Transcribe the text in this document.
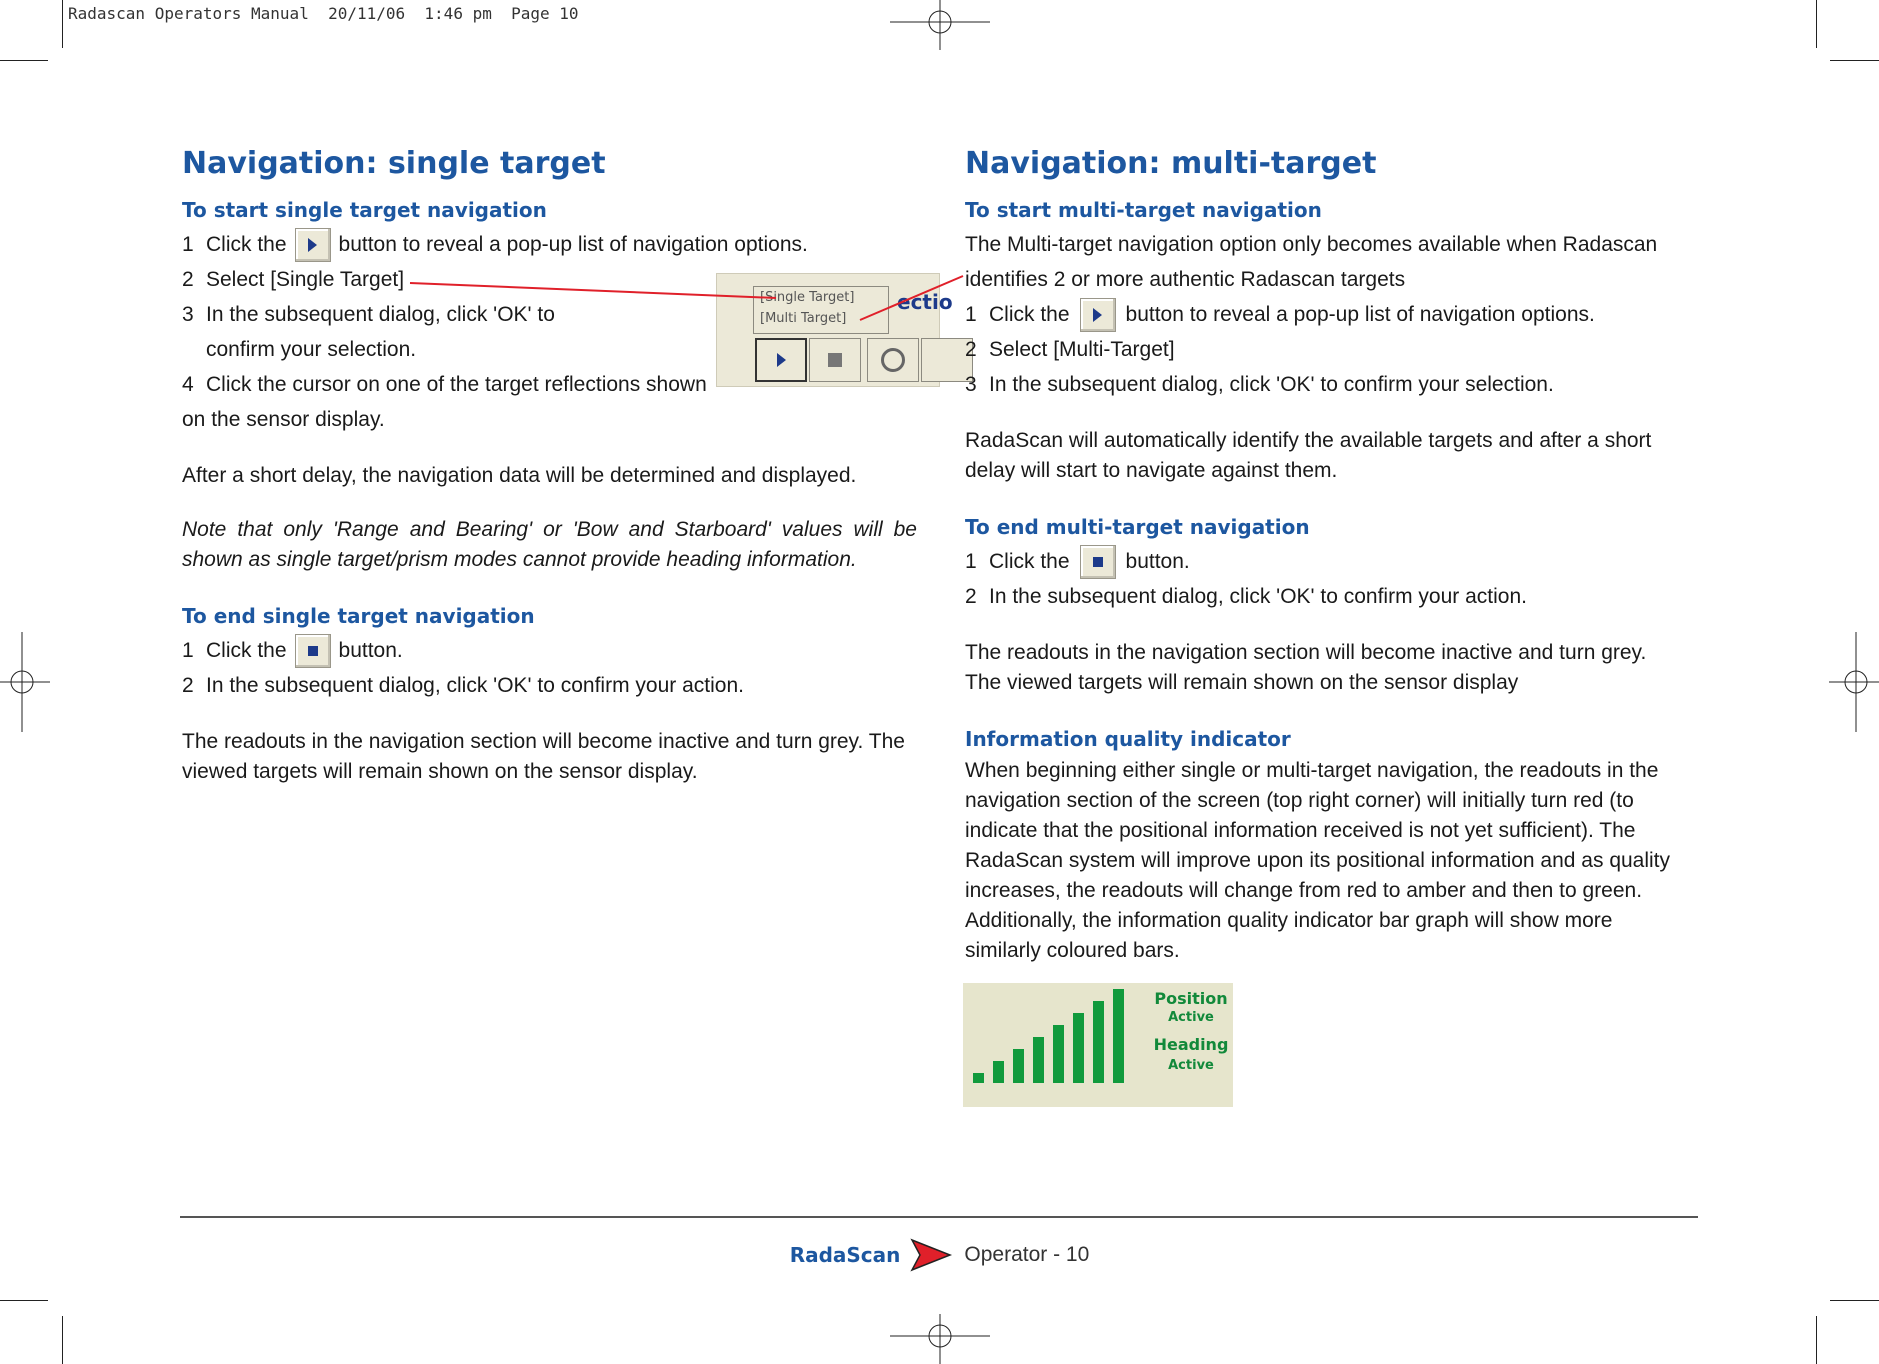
Radascan Operators Manual  20/11/06  1:46 pm  Page 10
Navigation: single target
To start single target navigation
1 Click the button to reveal a pop-up list of navigation options.
2 Select [Single Target]
3 In the subsequent dialog, click 'OK' to

confirm your selection.

4 Click the cursor on one of the target reflections shown

on the sensor display.

After a short delay, the navigation data will be determined and displayed.

Note that only 'Range and Bearing' or 'Bow and Starboard' values will be shown as single target/prism modes cannot provide heading information.

To end single target navigation
1 Click the button.
2 In the subsequent dialog, click 'OK' to confirm your action.

The readouts in the navigation section will become inactive and turn grey. The viewed targets will remain shown on the sensor display.

[Single Target]
[Multi Target]
ectio
Navigation: multi-target
To start multi-target navigation

The Multi-target navigation option only becomes available when Radascan identifies 2 or more authentic Radascan targets

1 Click the	button to reveal a pop-up list of navigation options.
2 Select [Multi-Target]
3 In the subsequent dialog, click 'OK' to confirm your selection.

RadaScan will automatically identify the available targets and after a short delay will start to navigate against them.

To end multi-target navigation
1 Click the	button.
2 In the subsequent dialog, click 'OK' to confirm your action.

The readouts in the navigation section will become inactive and turn grey. The viewed targets will remain shown on the sensor display

Information quality indicator

When beginning either single or multi-target navigation, the readouts in the navigation section of the screen (top right corner) will initially turn red (to indicate that the positional information received is not yet sufficient). The RadaScan system will improve upon its positional information and as quality increases, the readouts will change from red to amber and then to green. Additionally, the information quality indicator bar graph will show more similarly coloured bars.

Position
Active
Heading
Active
RadaScan	Operator - 10
